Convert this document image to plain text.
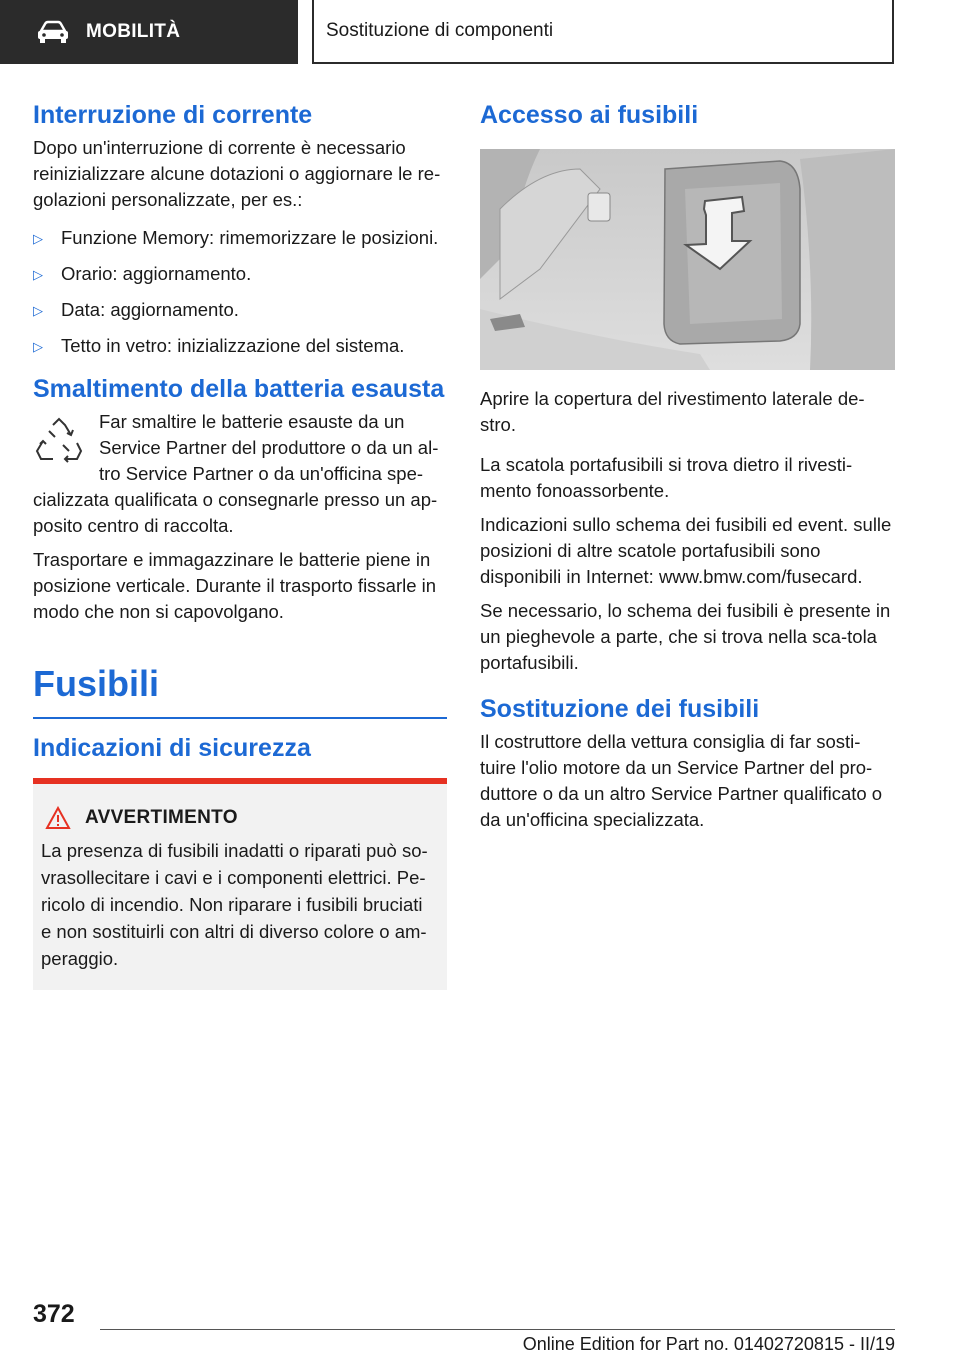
MOBILITÀ	Sostituzione di componenti
Interruzione di corrente

Dopo un'interruzione di corrente è necessario reinizializzare alcune dotazioni o aggiornare le re-golazioni personalizzate, per es.:

▷ Funzione Memory: rimemorizzare le posizioni.
▷ Orario: aggiornamento.
▷ Data: aggiornamento.
▷ Tetto in vetro: inizializzazione del sistema.
Smaltimento della batteria esausta

Far smaltire le batterie esauste da un Service Partner del produttore o da un al-tro Service Partner o da un'officina spe-cializzata qualificata o consegnarle presso un ap-posito centro di raccolta.

Trasportare e immagazzinare le batterie piene in posizione verticale. Durante il trasporto fissarle in modo che non si capovolgano.

Fusibili
Indicazioni di sicurezza
AVVERTIMENTO
La presenza di fusibili inadatti o riparati può so-vrasollecitare i cavi e i componenti elettrici. Pe-ricolo di incendio. Non riparare i fusibili bruciati e non sostituirli con altri di diverso colore o am-peraggio.
Accesso ai fusibili

Aprire la copertura del rivestimento laterale de-stro.

La scatola portafusibili si trova dietro il rivesti-mento fonoassorbente.

Indicazioni sullo schema dei fusibili ed event. sulle posizioni di altre scatole portafusibili sono disponibili in Internet: www.bmw.com/fusecard.

Se necessario, lo schema dei fusibili è presente in un pieghevole a parte, che si trova nella sca-tola portafusibili.

Sostituzione dei fusibili

Il costruttore della vettura consiglia di far sosti-tuire l'olio motore da un Service Partner del pro-duttore o da un altro Service Partner qualificato o da un'officina specializzata.

372
Online Edition for Part no. 01402720815 - II/19
